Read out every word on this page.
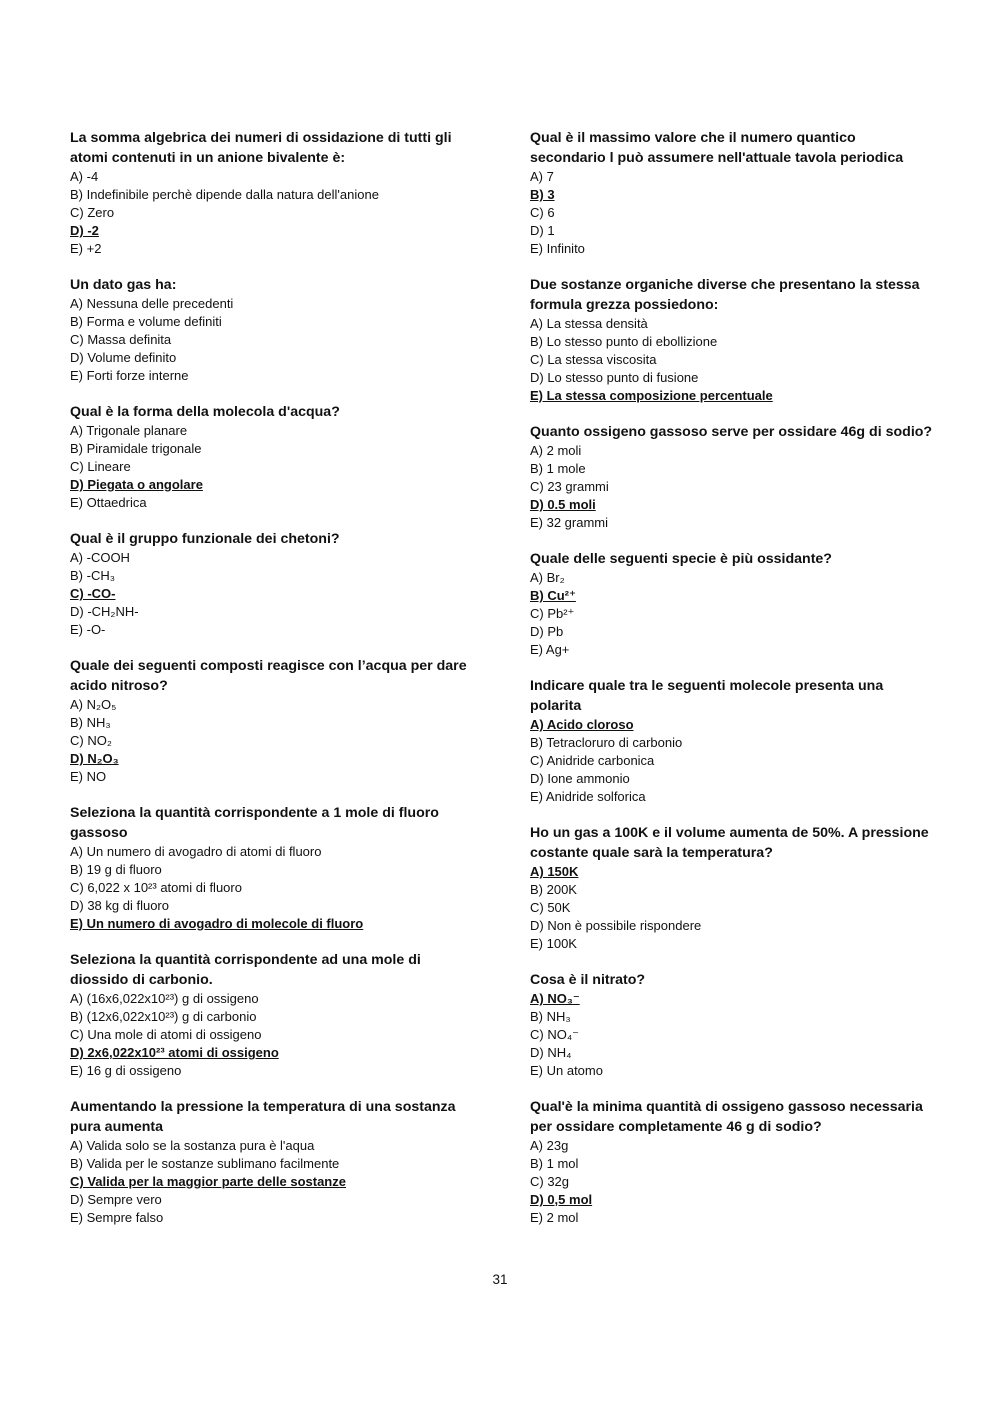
La somma algebrica dei numeri di ossidazione di tutti gli atomi contenuti in un anione bivalente è:

A) -4
B) Indefinibile perchè dipende dalla natura dell'anione
C) Zero
D) -2
E) +2

Un dato gas ha:

A) Nessuna delle precedenti
B) Forma e volume definiti
C) Massa definita
D) Volume definito
E) Forti forze interne

Qual è la forma della molecola d'acqua?

A) Trigonale planare
B) Piramidale trigonale
C) Lineare
D) Piegata o angolare
E) Ottaedrica

Qual è il gruppo funzionale dei chetoni?

A) -COOH
B) -CH₃
C) -CO-
D) -CH₂NH-
E) -O-

Quale dei seguenti composti reagisce con l’acqua per dare acido nitroso?

A) N₂O₅
B) NH₃
C) NO₂
D) N₂O₃
E) NO

Seleziona la quantità corrispondente a 1 mole di fluoro gassoso

A) Un numero di avogadro di atomi di fluoro
B) 19 g di fluoro
C) 6,022 x 10²³ atomi di fluoro
D) 38 kg di fluoro
E) Un numero di avogadro di molecole di fluoro

Seleziona la quantità corrispondente ad una mole di diossido di carbonio.

A) (16x6,022x10²³) g di ossigeno
B) (12x6,022x10²³) g di carbonio
C) Una mole di atomi di ossigeno
D) 2x6,022x10²³ atomi di ossigeno
E) 16 g di ossigeno

Aumentando la pressione la temperatura di una sostanza pura aumenta

A) Valida solo se la sostanza pura è l'aqua
B) Valida per le sostanze sublimano facilmente
C) Valida per la maggior parte delle sostanze
D) Sempre vero
E) Sempre falso

Qual è il massimo valore che il numero quantico secondario l può assumere nell'attuale tavola periodica

A) 7
B) 3
C) 6
D) 1
E) Infinito

Due sostanze organiche diverse che presentano la stessa formula grezza possiedono:

A) La stessa densità
B) Lo stesso punto di ebollizione
C) La stessa viscosita
D) Lo stesso punto di fusione
E) La stessa composizione percentuale

Quanto ossigeno gassoso serve per ossidare 46g di sodio?

A) 2 moli
B) 1 mole
C) 23 grammi
D) 0.5 moli
E) 32 grammi

Quale delle seguenti specie è più ossidante?

A) Br₂
B) Cu²⁺
C) Pb²⁺
D) Pb
E) Ag+

Indicare quale tra le seguenti molecole presenta una polarita

A) Acido cloroso
B) Tetracloruro di carbonio
C) Anidride carbonica
D) Ione ammonio
E) Anidride solforica

Ho un gas a 100K e il volume aumenta de 50%. A pressione costante quale sarà la temperatura?

A) 150K
B) 200K
C) 50K
D) Non è possibile rispondere
E) 100K

Cosa è il nitrato?

A) NO₃⁻
B) NH₃
C) NO₄⁻
D) NH₄
E) Un atomo

Qual'è la minima quantità di ossigeno gassoso necessaria per ossidare completamente 46 g di sodio?

A) 23g
B) 1 mol
C) 32g
D) 0,5 mol
E) 2 mol
31
